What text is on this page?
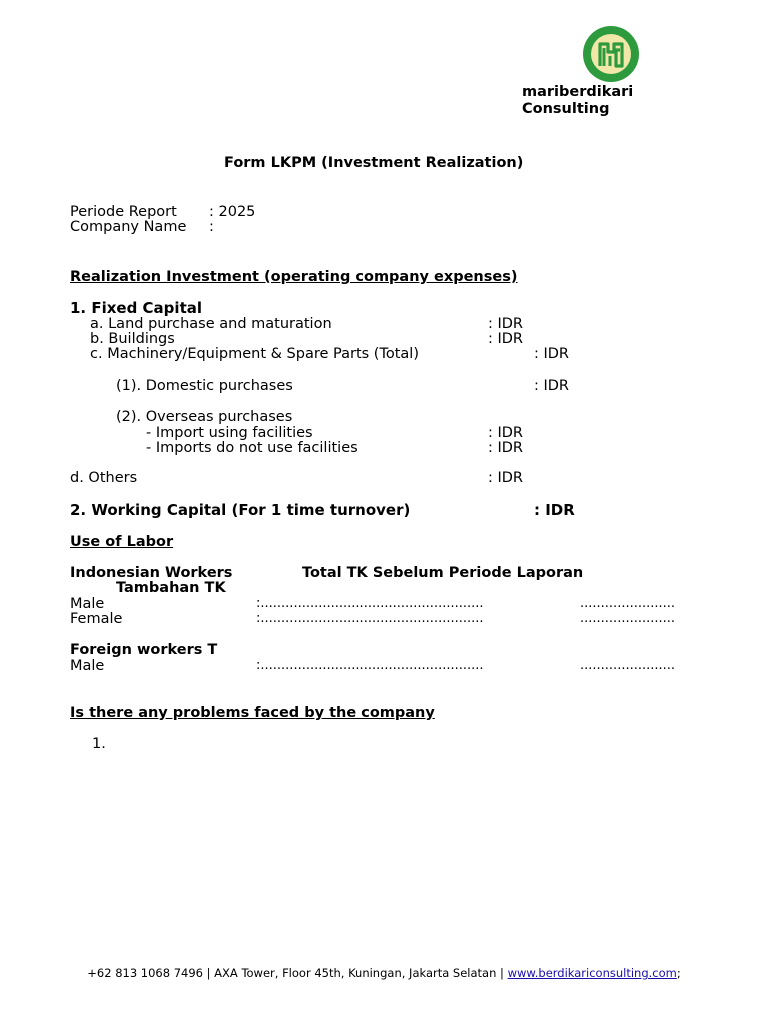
mariberdikari
Consulting
Form LKPM (Investment Realization)
Periode Report : 2025
Company Name :
Realization Investment (operating company expenses)
1. Fixed Capital
a. Land purchase and maturation	: IDR
b. Buildings	: IDR
c. Machinery/Equipment & Spare Parts (Total)	: IDR
(1). Domestic purchases	: IDR
(2). Overseas purchases
- Import using facilities	: IDR
- Imports do not use facilities	: IDR
d. Others	: IDR
2. Working Capital (For 1 time turnover)	: IDR
Use of Labor
Indonesian Workers	Total TK Sebelum Periode Laporan
Tambahan TK
Male	:......................................................	.......................
Female	:......................................................	.......................
Foreign workers T
Male	:......................................................	.......................
Is there any problems faced by the company
1.
+62 813 1068 7496 | AXA Tower, Floor 45th, Kuningan, Jakarta Selatan | www.berdikariconsulting.com;
